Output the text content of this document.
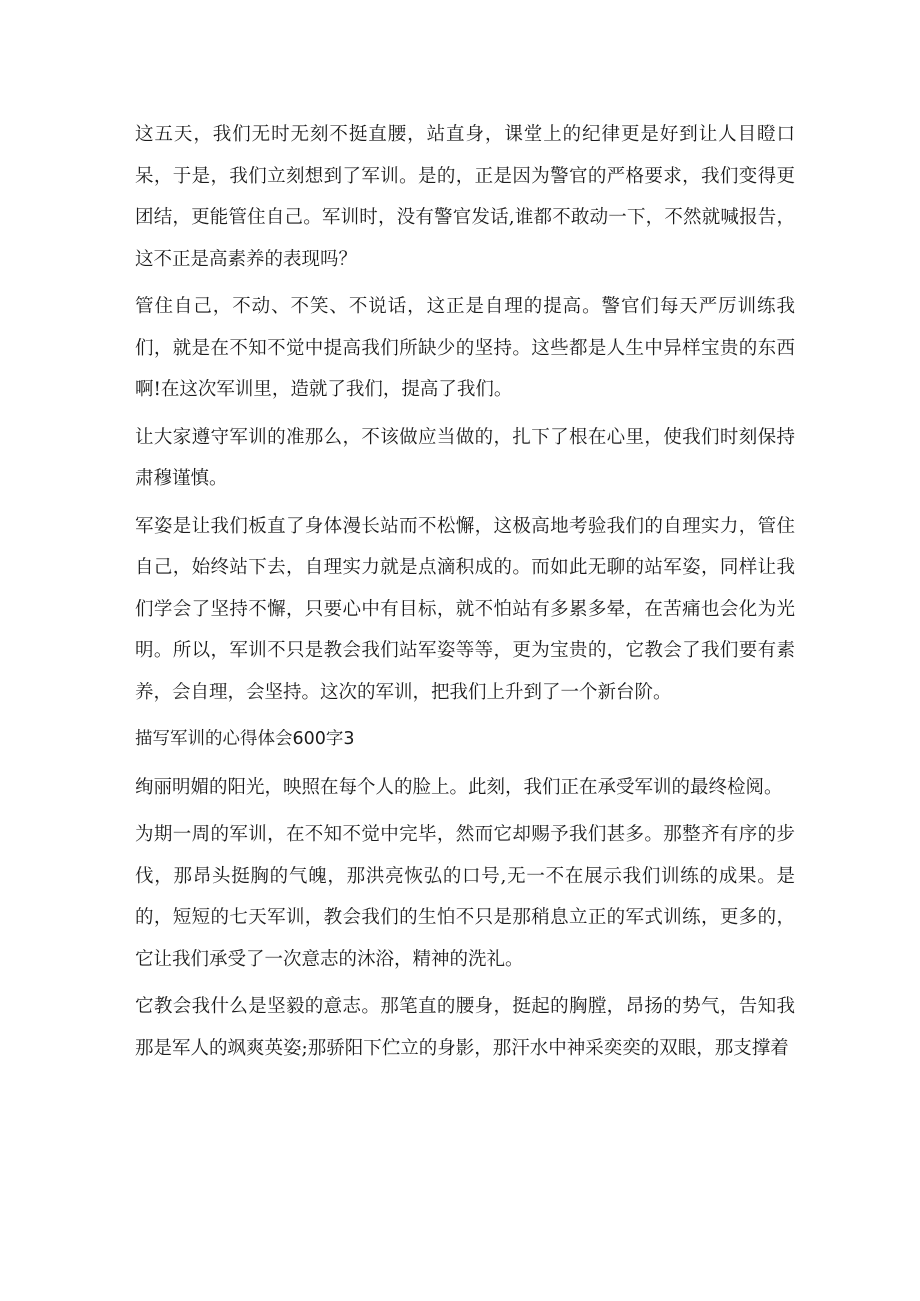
这五天，我们无时无刻不挺直腰，站直身，课堂上的纪律更是好到让人目瞪口呆，于是，我们立刻想到了军训。是的，正是因为警官的严格要求，我们变得更团结，更能管住自己。军训时，没有警官发话,谁都不敢动一下，不然就喊报告，这不正是高素养的表现吗？

管住自己，不动、不笑、不说话，这正是自理的提高。警官们每天严厉训练我们，就是在不知不觉中提高我们所缺少的坚持。这些都是人生中异样宝贵的东西啊!在这次军训里，造就了我们，提高了我们。

让大家遵守军训的准那么，不该做应当做的，扎下了根在心里，使我们时刻保持肃穆谨慎。

军姿是让我们板直了身体漫长站而不松懈，这极高地考验我们的自理实力，管住自己，始终站下去，自理实力就是点滴积成的。而如此无聊的站军姿，同样让我们学会了坚持不懈，只要心中有目标，就不怕站有多累多晕，在苦痛也会化为光明。所以，军训不只是教会我们站军姿等等，更为宝贵的，它教会了我们要有素养，会自理，会坚持。这次的军训，把我们上升到了一个新台阶。

描写军训的心得体会600字3

绚丽明媚的阳光，映照在每个人的脸上。此刻，我们正在承受军训的最终检阅。

为期一周的军训，在不知不觉中完毕，然而它却赐予我们甚多。那整齐有序的步伐，那昂头挺胸的气魄，那洪亮恢弘的口号,无一不在展示我们训练的成果。是的，短短的七天军训，教会我们的生怕不只是那稍息立正的军式训练，更多的，它让我们承受了一次意志的沐浴，精神的洗礼。

它教会我什么是坚毅的意志。那笔直的腰身，挺起的胸膛，昂扬的势气，告知我那是军人的飒爽英姿;那骄阳下伫立的身影，那汗水中神采奕奕的双眼，那支撑着
